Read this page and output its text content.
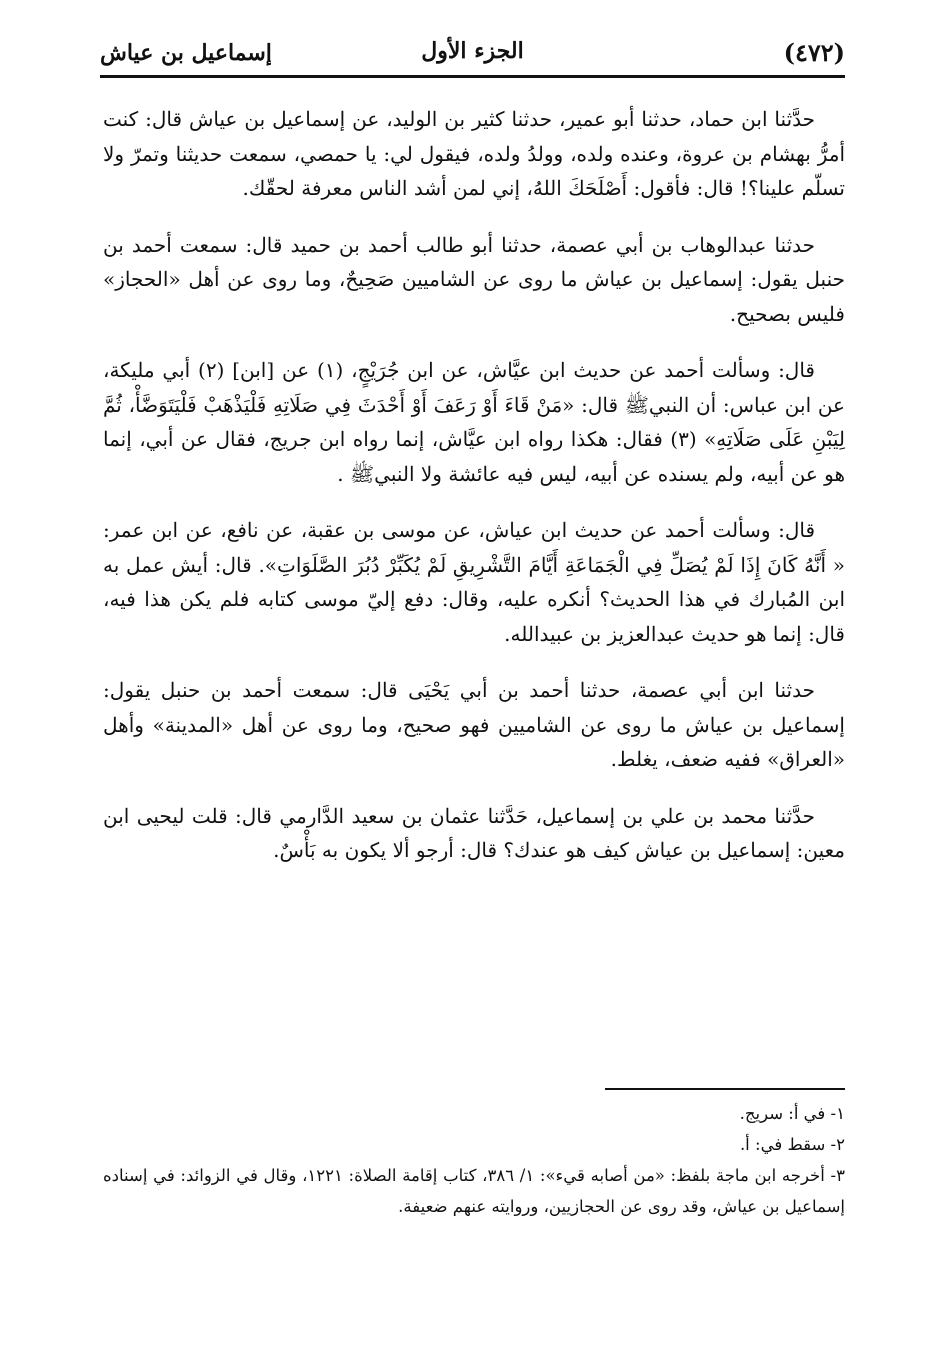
إسماعيل بن عياش	الجزء الأول	(٤٧٢)

حدَّثنا ابن حماد، حدثنا أبو عمير، حدثنا كثير بن الوليد، عن إسماعيل بن عياش قال: كنت أمرُّ بهشام بن عروة، وعنده ولده، وولدُ ولده، فيقول لي: يا حمصي، سمعت حديثنا وتمرّ ولا تسلّم علينا؟! قال: فأقول: أَصْلَحَكَ اللهُ، إني لمن أشد الناس معرفة لحقّك.

حدثنا عبدالوهاب بن أبي عصمة، حدثنا أبو طالب أحمد بن حميد قال: سمعت أحمد بن حنبل يقول: إسماعيل بن عياش ما روى عن الشاميين صَحِيحٌ، وما روى عن أهل «الحجاز» فليس بصحيح.

قال: وسألت أحمد عن حديث ابن عيَّاش، عن ابن جُرَيْجٍ، (١) عن [ابن] (٢) أبي مليكة، عن ابن عباس: أن النبيﷺ قال: «مَنْ قَاءَ أَوْ رَعَفَ أَوْ أَحْدَثَ فِي صَلَاتِهِ فَلْيَذْهَبْ فَلْيَتَوَضَّأْ، ثُمَّ لِيَبْنِ عَلَى صَلَاتِهِ» (٣) فقال: هكذا رواه ابن عيَّاش، إنما رواه ابن جريج، فقال عن أبي، إنما هو عن أبيه، ولم يسنده عن أبيه، ليس فيه عائشة ولا النبيﷺ .

قال: وسألت أحمد عن حديث ابن عياش، عن موسى بن عقبة، عن نافع، عن ابن عمر: « أَنَّهُ كَانَ إِذَا لَمْ يُصَلِّ فِي الْجَمَاعَةِ أَيَّامَ التَّشْرِيقِ لَمْ يُكَبِّرْ دُبُرَ الصَّلَوَاتِ». قال: أيش عمل به ابن المُبارك في هذا الحديث؟ أنكره عليه، وقال: دفع إليّ موسى كتابه فلم يكن هذا فيه، قال: إنما هو حديث عبدالعزيز بن عبيدالله.

حدثنا ابن أبي عصمة، حدثنا أحمد بن أبي يَحْيَى قال: سمعت أحمد بن حنبل يقول: إسماعيل بن عياش ما روى عن الشاميين فهو صحيح، وما روى عن أهل «المدينة» وأهل «العراق» ففيه ضعف، يغلط.

حدَّثنا محمد بن علي بن إسماعيل، حَدَّثنا عثمان بن سعيد الدَّارمي قال: قلت ليحيى ابن معين: إسماعيل بن عياش كيف هو عندك؟ قال: أرجو ألا يكون به بَأْسٌ.

١- في أ: سريج.

٢- سقط في: أ.

٣- أخرجه ابن ماجة بلفظ: «من أصابه قيء»: ١/ ٣٨٦، كتاب إقامة الصلاة: ١٢٢١، وقال في الزوائد: في إسناده إسماعيل بن عياش، وقد روى عن الحجازيين، وروايته عنهم ضعيفة.
